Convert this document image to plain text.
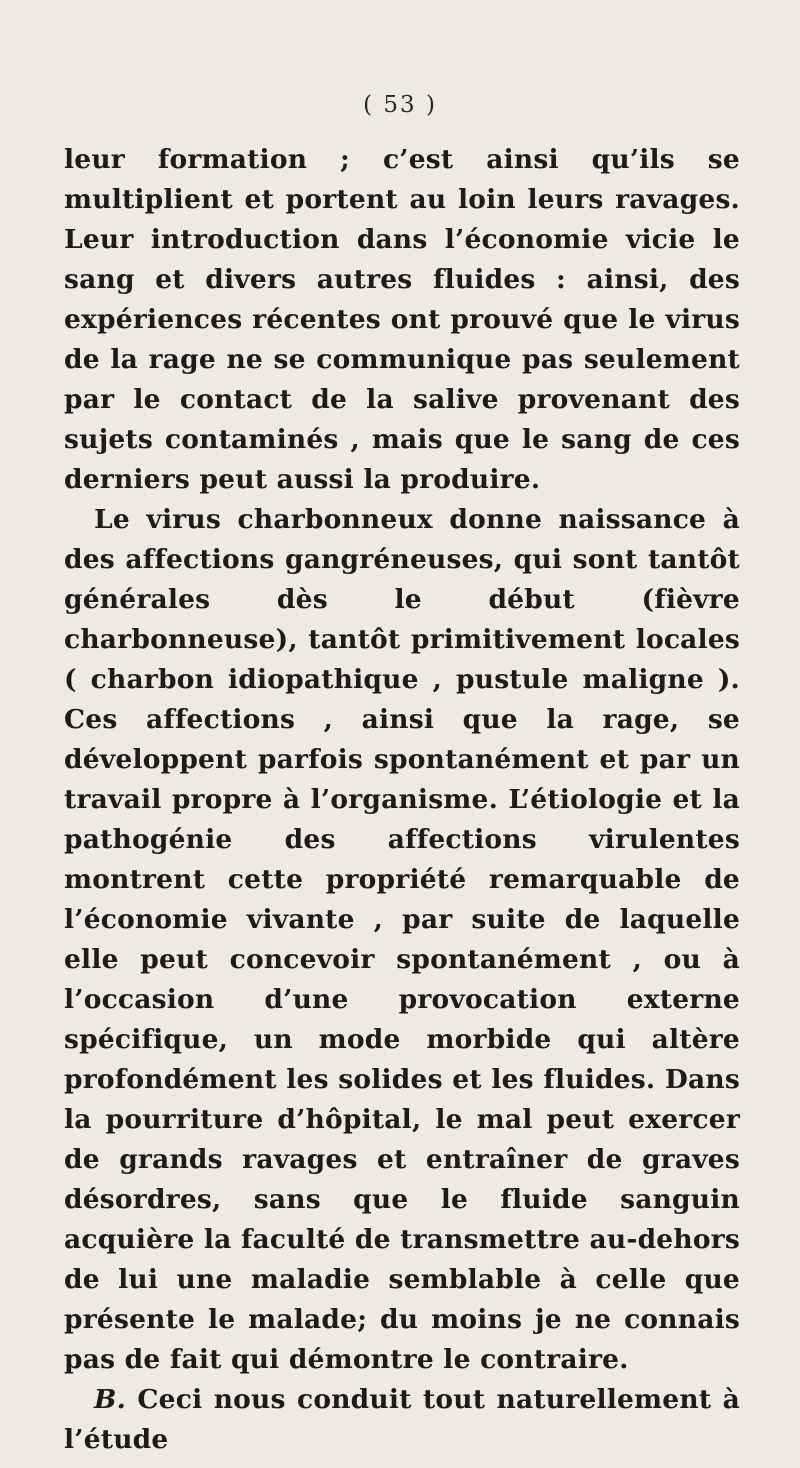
( 53 )

leur formation ; c’est ainsi qu’ils se multiplient et portent au loin leurs ravages. Leur introduction dans l’économie vicie le sang et divers autres fluides : ainsi, des expériences récentes ont prouvé que le virus de la rage ne se communique pas seulement par le contact de la salive provenant des sujets contaminés , mais que le sang de ces derniers peut aussi la produire.

Le virus charbonneux donne naissance à des affections gangréneuses, qui sont tantôt générales dès le début (fièvre charbonneuse), tantôt primitivement locales ( charbon idiopathique , pustule maligne ). Ces affections , ainsi que la rage, se développent parfois spontanément et par un travail propre à l’organisme. L’étiologie et la pathogénie des affections virulentes montrent cette propriété remarquable de l’économie vivante , par suite de laquelle elle peut concevoir spontanément , ou à l’occasion d’une provocation externe spécifique, un mode morbide qui altère profondément les solides et les fluides. Dans la pourriture d’hôpital, le mal peut exercer de grands ravages et entraîner de graves désordres, sans que le fluide sanguin acquière la faculté de transmettre au-dehors de lui une maladie semblable à celle que présente le malade; du moins je ne connais pas de fait qui démontre le contraire.

B. Ceci nous conduit tout naturellement à l’étude
